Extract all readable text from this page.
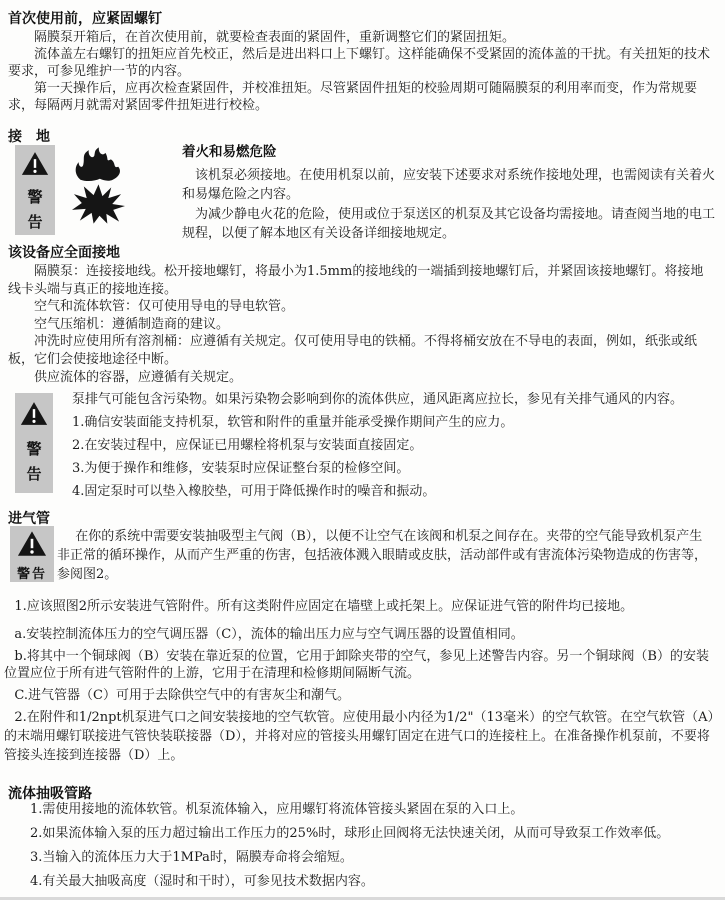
首次使用前，应紧固螺钉

隔膜泵开箱后，在首次使用前，就要检查表面的紧固件，重新调整它们的紧固扭矩。

流体盖左右螺钉的扭矩应首先校正，然后是进出料口上下螺钉。这样能确保不受紧固的流体盖的干扰。有关扭矩的技术要求，可参见维护一节的内容。

第一天操作后，应再次检查紧固件，并校准扭矩。尽管紧固件扭矩的校验周期可随隔膜泵的利用率而变，作为常规要求，每隔两月就需对紧固零件扭矩进行校检。

接　地
警
告
着火和易燃危险

该机泵必须接地。在使用机泵以前，应安装下述要求对系统作接地处理，也需阅读有关着火和易爆危险之内容。

为减少静电火花的危险，使用或位于泵送区的机泵及其它设备均需接地。请查阅当地的电工规程，以便了解本地区有关设备详细接地规定。

该设备应全面接地

隔膜泵：连接接地线。松开接地螺钉，将最小为1.5mm的接地线的一端插到接地螺钉后，并紧固该接地螺钉。将接地线卡头端与真正的接地连接。

空气和流体软管：仅可使用导电的导电软管。

空气压缩机：遵循制造商的建议。

冲洗时应使用所有溶剂桶：应遵循有关规定。仅可使用导电的铁桶。不得将桶安放在不导电的表面，例如，纸张或纸板，它们会使接地途径中断。

供应流体的容器，应遵循有关规定。

警
告

泵排气可能包含污染物。如果污染物会影响到你的流体供应，通风距离应拉长，参见有关排气通风的内容。

1.确信安装面能支持机泵，软管和附件的重量并能承受操作期间产生的应力。

2.在安装过程中，应保证已用螺栓将机泵与安装面直接固定。

3.为便于操作和维修，安装泵时应保证整台泵的检修空间。

4.固定泵时可以垫入橡胶垫，可用于降低操作时的噪音和振动。

进气管
警告

在你的系统中需要安装抽吸型主气阀（B），以便不让空气在该阀和机泵之间存在。夹带的空气能导致机泵产生非正常的循环操作，从而产生严重的伤害，包括液体溅入眼睛或皮肤，活动部件或有害流体污染物造成的伤害等，参阅图2。

1.应该照图2所示安装进气管附件。所有这类附件应固定在墙壁上或托架上。应保证进气管的附件均已接地。

a.安装控制流体压力的空气调压器（C），流体的输出压力应与空气调压器的设置值相同。

b.将其中一个铜球阀（B）安装在靠近泵的位置，它用于卸除夹带的空气，参见上述警告内容。另一个铜球阀（B）的安装位置应位于所有进气管附件的上游，它用于在清理和检修期间隔断气流。

C.进气管器（C）可用于去除供空气中的有害灰尘和潮气。

2.在附件和1/2npt机泵进气口之间安装接地的空气软管。应使用最小内径为1/2"（13毫米）的空气软管。在空气软管（A）的末端用螺钉联接进气管快装联接器（D），并将对应的管接头用螺钉固定在进气口的连接柱上。在准备操作机泵前，不要将管接头连接到连接器（D）上。

流体抽吸管路

1.需使用接地的流体软管。机泵流体输入，应用螺钉将流体管接头紧固在泵的入口上。

2.如果流体输入泵的压力超过输出工作压力的25%时，球形止回阀将无法快速关闭，从而可导致泵工作效率低。

3.当输入的流体压力大于1MPa时，隔膜寿命将会缩短。

4.有关最大抽吸高度（湿时和干时），可参见技术数据内容。
